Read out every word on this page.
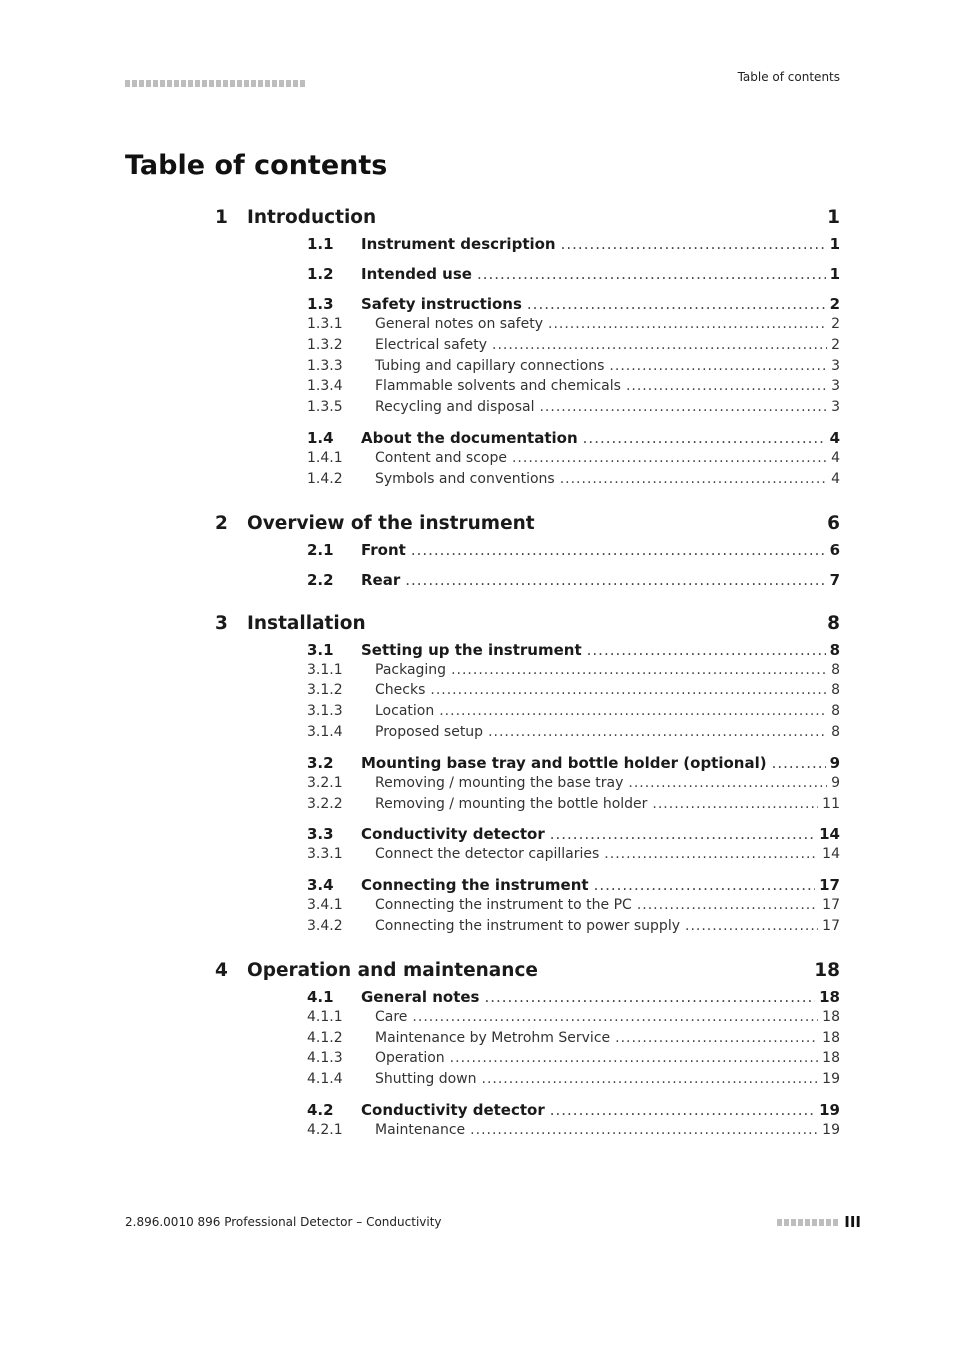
Table of contents
Table of contents
1	Introduction	1
1.1	Instrument description .....	1
1.2	Intended use .....	1
1.3	Safety instructions .....	2
1.3.1	General notes on safety .....	2
1.3.2	Electrical safety .....	2
1.3.3	Tubing and capillary connections .....	3
1.3.4	Flammable solvents and chemicals .....	3
1.3.5	Recycling and disposal .....	3
1.4	About the documentation .....	4
1.4.1	Content and scope .....	4
1.4.2	Symbols and conventions .....	4
2	Overview of the instrument	6
2.1	Front .....	6
2.2	Rear .....	7
3	Installation	8
3.1	Setting up the instrument .....	8
3.1.1	Packaging .....	8
3.1.2	Checks .....	8
3.1.3	Location .....	8
3.1.4	Proposed setup .....	8
3.2	Mounting base tray and bottle holder (optional) .....	9
3.2.1	Removing / mounting the base tray .....	9
3.2.2	Removing / mounting the bottle holder .....	11
3.3	Conductivity detector .....	14
3.3.1	Connect the detector capillaries .....	14
3.4	Connecting the instrument .....	17
3.4.1	Connecting the instrument to the PC .....	17
3.4.2	Connecting the instrument to power supply .....	17
4	Operation and maintenance	18
4.1	General notes .....	18
4.1.1	Care .....	18
4.1.2	Maintenance by Metrohm Service .....	18
4.1.3	Operation .....	18
4.1.4	Shutting down .....	19
4.2	Conductivity detector .....	19
4.2.1	Maintenance .....	19
2.896.0010 896 Professional Detector – Conductivity	III
